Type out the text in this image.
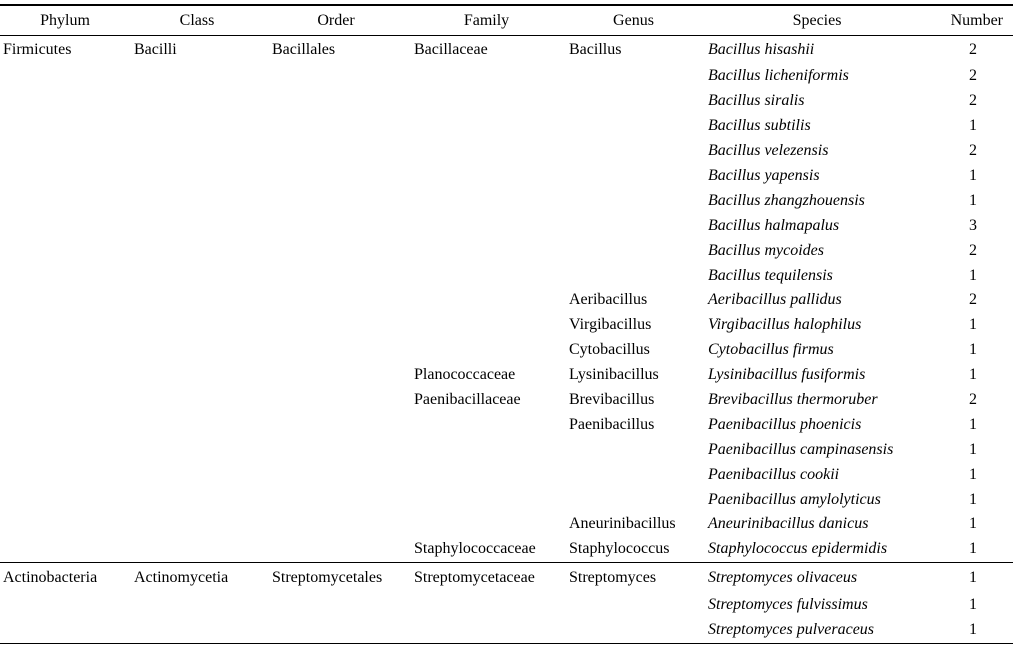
Phylum	Class	Order	Family	Genus	Species	Number
Firmicutes	Bacilli	Bacillales	Bacillaceae	Bacillus	Bacillus hisashii	2
					Bacillus licheniformis	2
					Bacillus siralis	2
					Bacillus subtilis	1
					Bacillus velezensis	2
					Bacillus yapensis	1
					Bacillus zhangzhouensis	1
					Bacillus halmapalus	3
					Bacillus mycoides	2
					Bacillus tequilensis	1
				Aeribacillus	Aeribacillus pallidus	2
				Virgibacillus	Virgibacillus halophilus	1
				Cytobacillus	Cytobacillus firmus	1
			Planococcaceae	Lysinibacillus	Lysinibacillus fusiformis	1
			Paenibacillaceae	Brevibacillus	Brevibacillus thermoruber	2
				Paenibacillus	Paenibacillus phoenicis	1
					Paenibacillus campinasensis	1
					Paenibacillus cookii	1
					Paenibacillus amylolyticus	1
				Aneurinibacillus	Aneurinibacillus danicus	1
			Staphylococcaceae	Staphylococcus	Staphylococcus epidermidis	1
Actinobacteria	Actinomycetia	Streptomycetales	Streptomycetaceae	Streptomyces	Streptomyces olivaceus	1
					Streptomyces fulvissimus	1
					Streptomyces pulveraceus	1
